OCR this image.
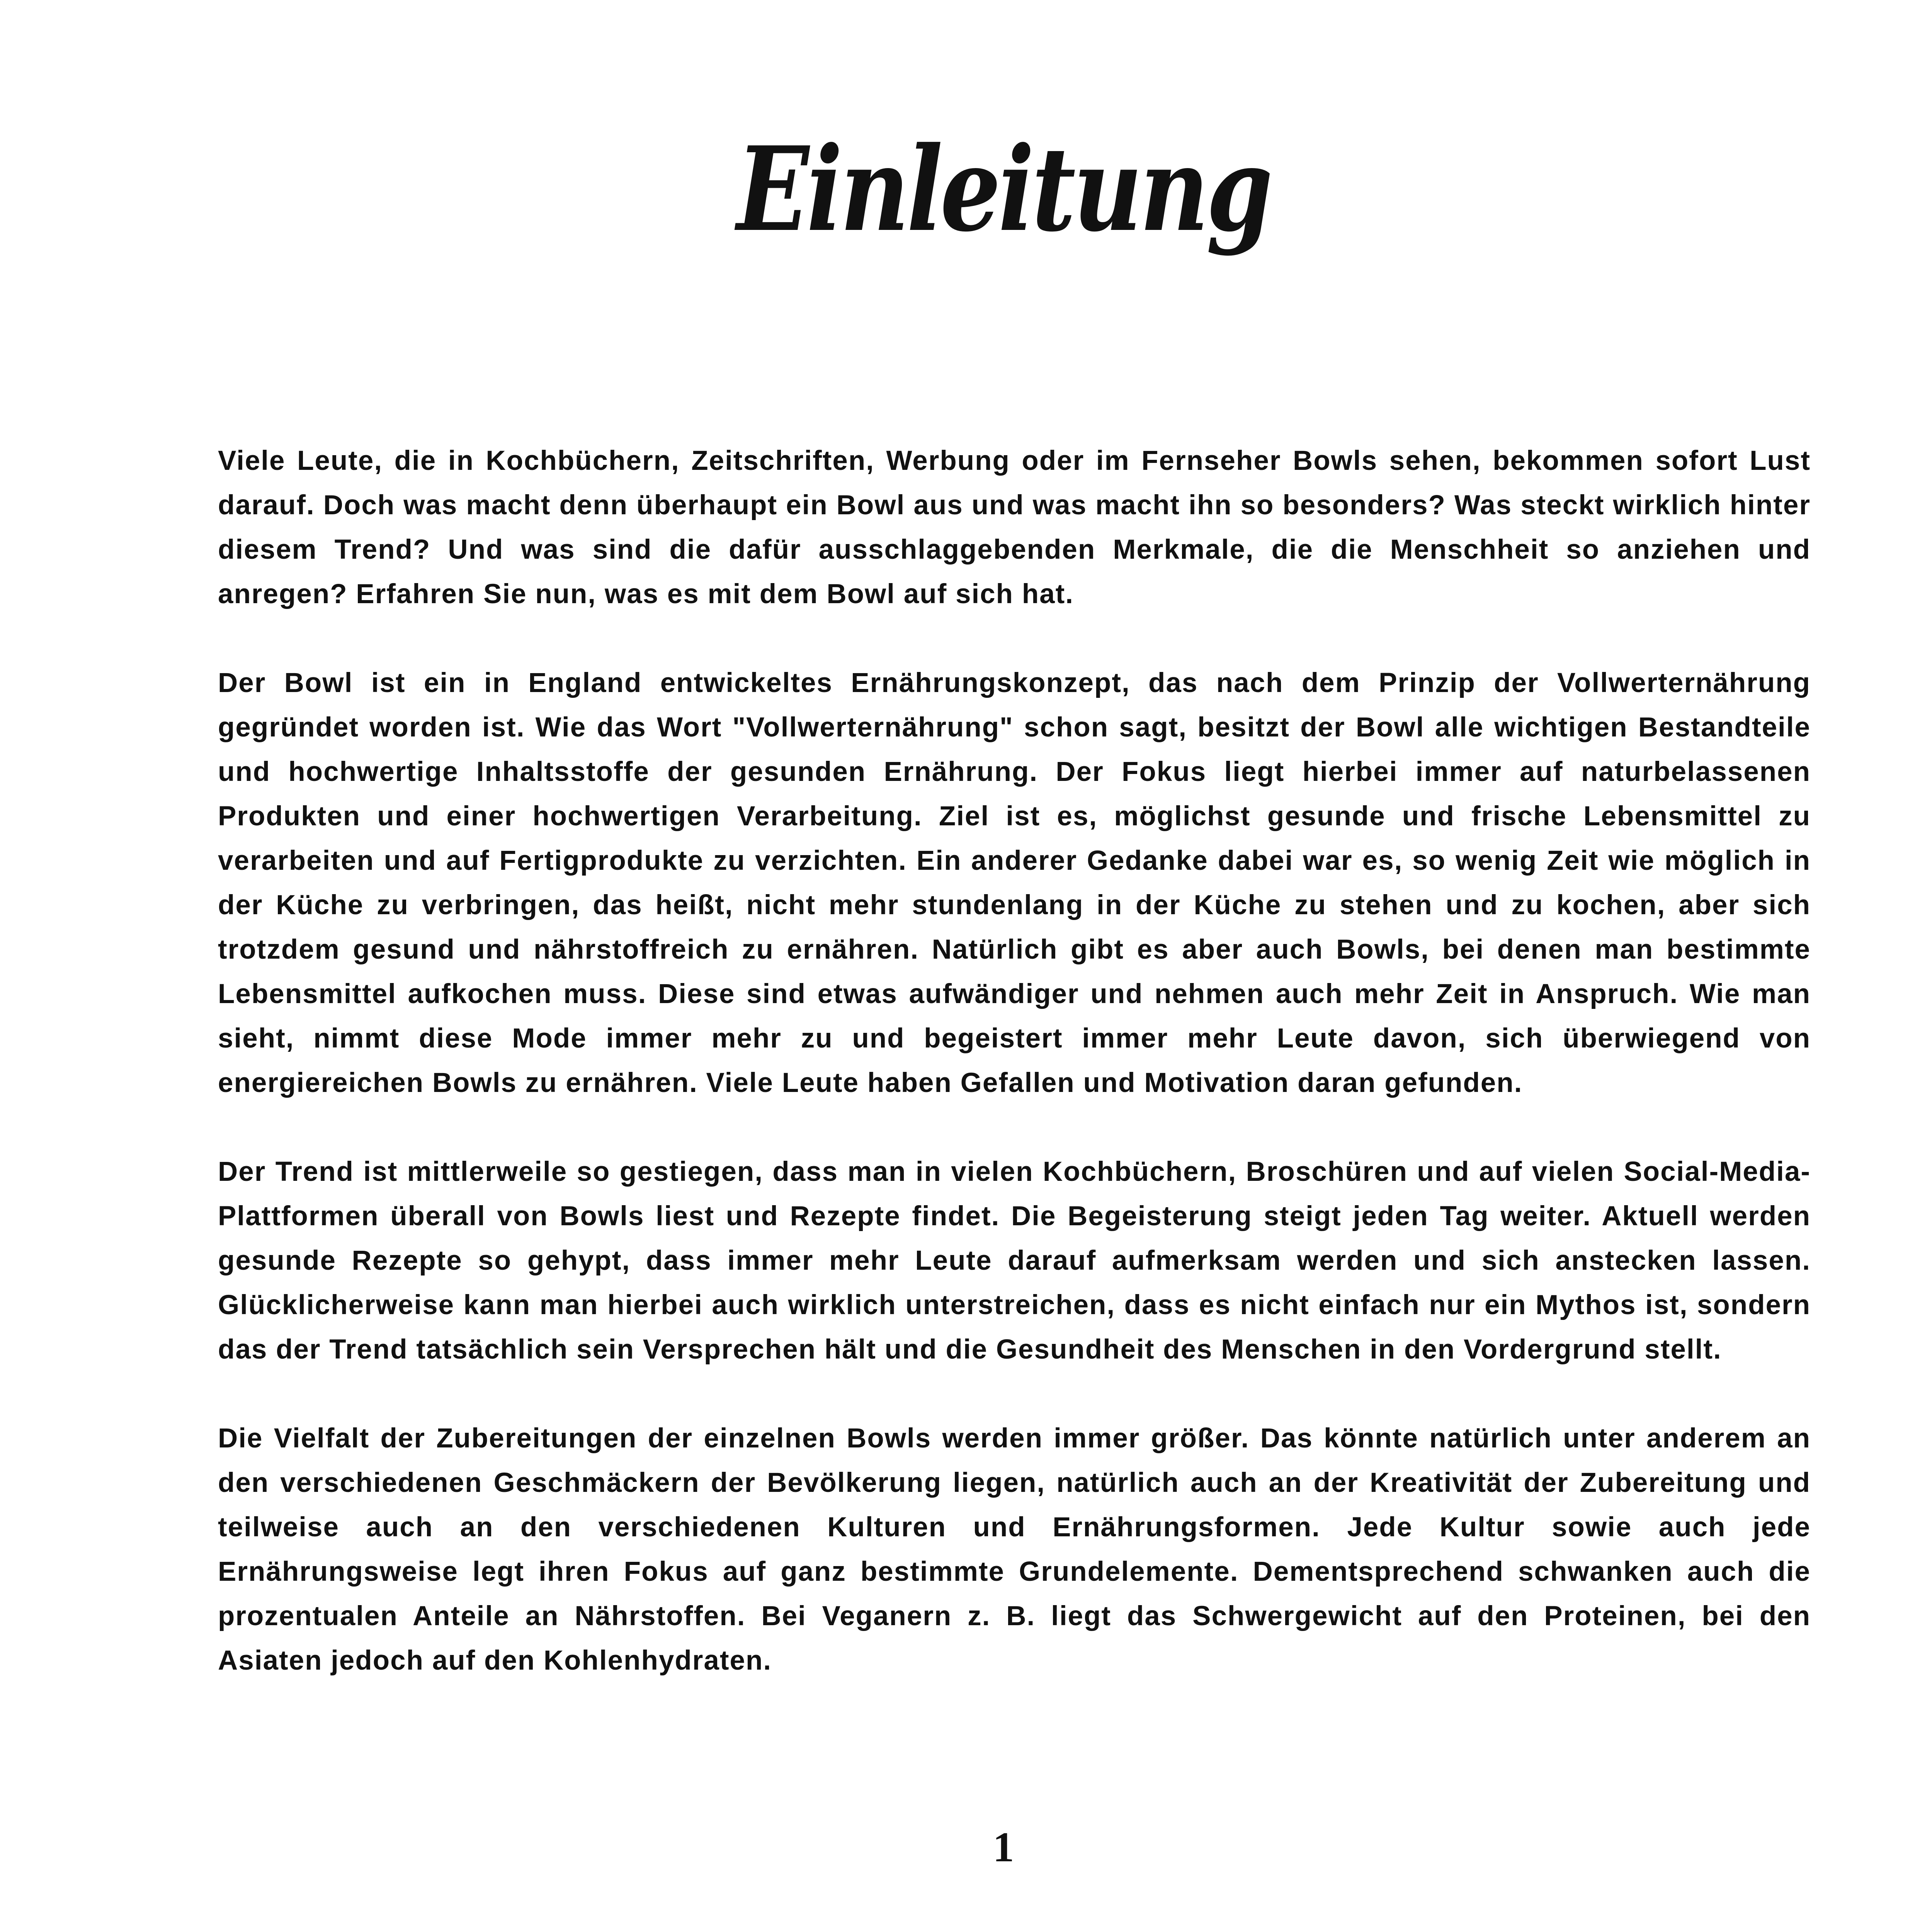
Einleitung

Viele Leute, die in Kochbüchern, Zeitschriften, Werbung oder im Fernseher Bowls sehen, bekommen sofort Lust darauf. Doch was macht denn überhaupt ein Bowl aus und was macht ihn so besonders? Was steckt wirklich hinter diesem Trend? Und was sind die dafür ausschlaggebenden Merkmale, die die Menschheit so anziehen und anregen? Erfahren Sie nun, was es mit dem Bowl auf sich hat.

Der Bowl ist ein in England entwickeltes Ernährungskonzept, das nach dem Prinzip der Vollwerternährung gegründet worden ist. Wie das Wort "Vollwerternährung" schon sagt, besitzt der Bowl alle wichtigen Bestandteile und hochwertige Inhaltsstoffe der gesunden Ernährung. Der Fokus liegt hierbei immer auf naturbelassenen Produkten und einer hochwertigen Verarbeitung. Ziel ist es, möglichst gesunde und frische Lebensmittel zu verarbeiten und auf Fertigprodukte zu verzichten. Ein anderer Gedanke dabei war es, so wenig Zeit wie möglich in der Küche zu verbringen, das heißt, nicht mehr stundenlang in der Küche zu stehen und zu kochen, aber sich trotzdem gesund und nährstoffreich zu ernähren. Natürlich gibt es aber auch Bowls, bei denen man bestimmte Lebensmittel aufkochen muss. Diese sind etwas aufwändiger und nehmen auch mehr Zeit in Anspruch. Wie man sieht, nimmt diese Mode immer mehr zu und begeistert immer mehr Leute davon, sich überwiegend von energiereichen Bowls zu ernähren. Viele Leute haben Gefallen und Motivation daran gefunden.

Der Trend ist mittlerweile so gestiegen, dass man in vielen Kochbüchern, Broschüren und auf vielen Social-Media-Plattformen überall von Bowls liest und Rezepte findet. Die Begeisterung steigt jeden Tag weiter. Aktuell werden gesunde Rezepte so gehypt, dass immer mehr Leute darauf aufmerksam werden und sich anstecken lassen. Glücklicherweise kann man hierbei auch wirklich unterstreichen, dass es nicht einfach nur ein Mythos ist, sondern das der Trend tatsächlich sein Versprechen hält und die Gesundheit des Menschen in den Vordergrund stellt.

Die Vielfalt der Zubereitungen der einzelnen Bowls werden immer größer. Das könnte natürlich unter anderem an den verschiedenen Geschmäckern der Bevölkerung liegen, natürlich auch an der Kreativität der Zubereitung und teilweise auch an den verschiedenen Kulturen und Ernährungsformen. Jede Kultur sowie auch jede Ernährungsweise legt ihren Fokus auf ganz bestimmte Grundelemente. Dementsprechend schwanken auch die prozentualen Anteile an Nährstoffen. Bei Veganern z. B. liegt das Schwergewicht auf den Proteinen, bei den Asiaten jedoch auf den Kohlenhydraten.

1
